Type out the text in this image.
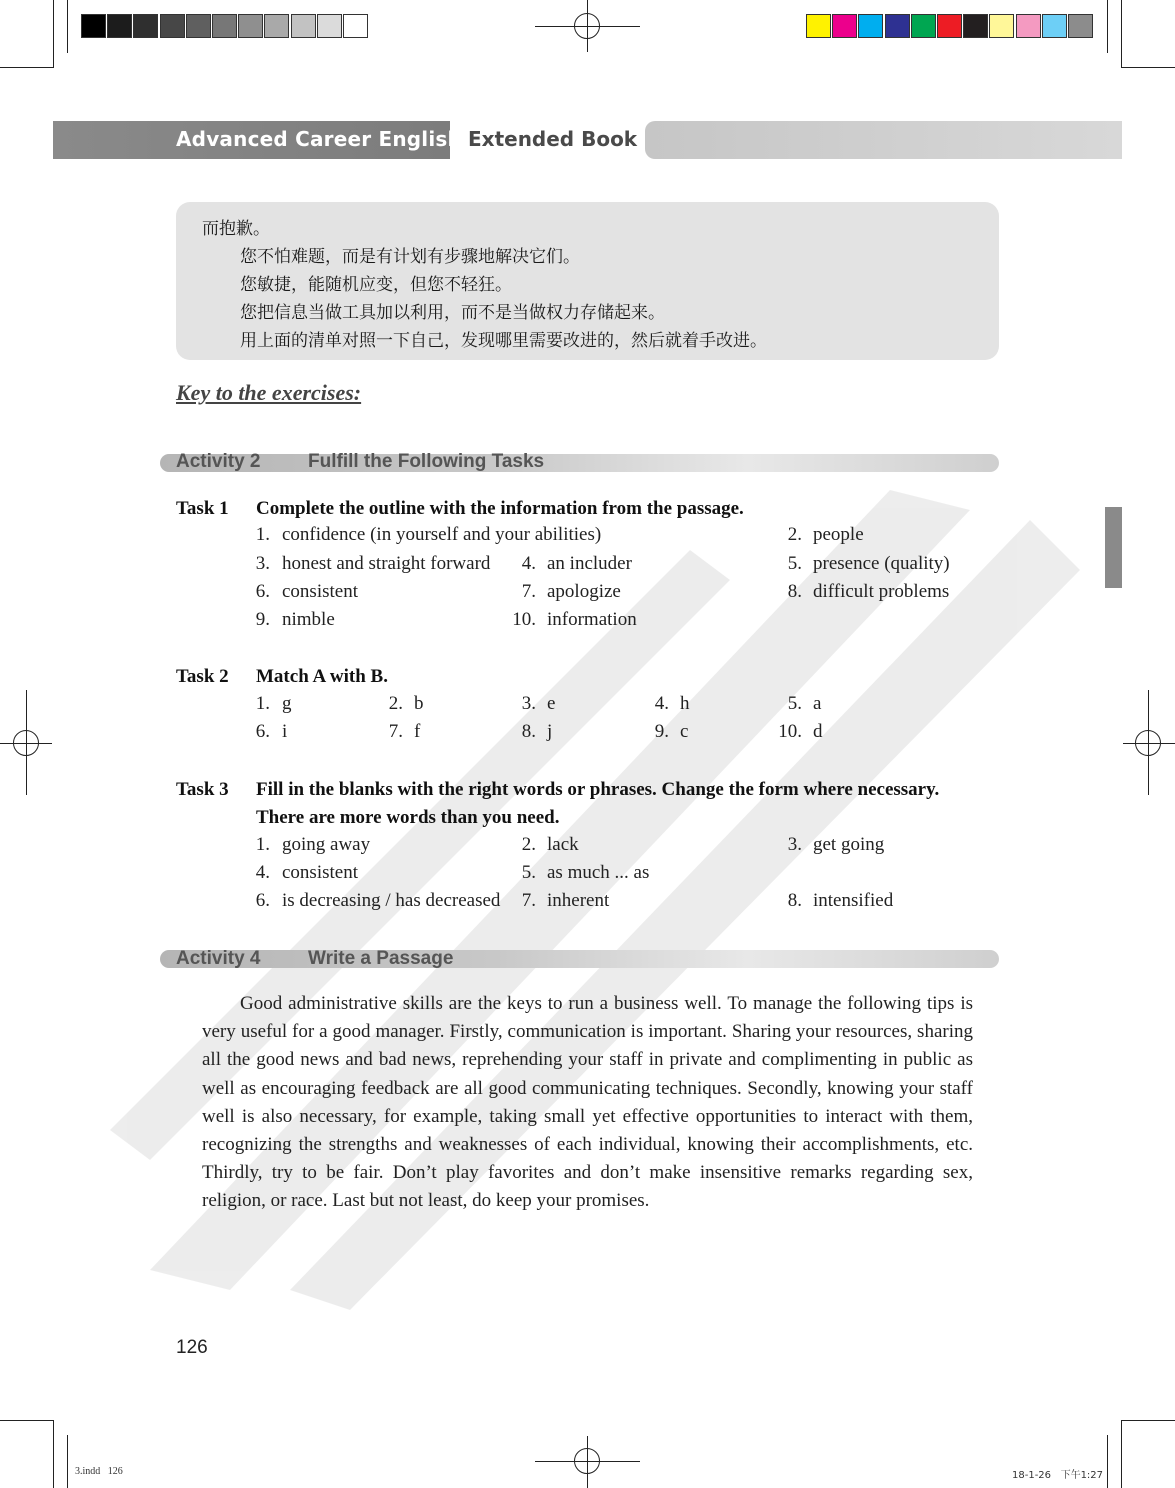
Advanced Career English Extended Book
而抱歉。
您不怕难题，而是有计划有步骤地解决它们。
您敏捷，能随机应变，但您不轻狂。
您把信息当做工具加以利用，而不是当做权力存储起来。
用上面的清单对照一下自己，发现哪里需要改进的，然后就着手改进。
Key to the exercises:
Activity 2	Fulfill the Following Tasks
Task 1 Complete the outline with the information from the passage.
1. confidence (in yourself and your abilities)	2. people
3. honest and straight forward	4. an includer	5. presence (quality)
6. consistent	7. apologize	8. difficult problems
9. nimble	10. information
Task 2 Match A with B.
1. g	2. b	3. e	4. h	5. a
6. i	7. f	8. j	9. c	10. d
Task 3 Fill in the blanks with the right words or phrases. Change the form where necessary.
There are more words than you need.
1. going away	2. lack	3. get going
4. consistent	5. as much ... as
6. is decreasing / has decreased	7. inherent	8. intensified
Activity 4	Write a Passage
Good administrative skills are the keys to run a business well. To manage the following tips is very useful for a good manager. Firstly, communication is important. Sharing your resources, sharing all the good news and bad news, reprehending your staff in private and complimenting in public as well as encouraging feedback are all good communicating techniques. Secondly, knowing your staff well is also necessary, for example, taking small yet effective opportunities to interact with them, recognizing the strengths and weaknesses of each individual, knowing their accomplishments, etc. Thirdly, try to be fair. Don’t play favorites and don’t make insensitive remarks regarding sex, religion, or race. Last but not least, do keep your promises.
126
3.indd   126	18-1-26   下午1:27
